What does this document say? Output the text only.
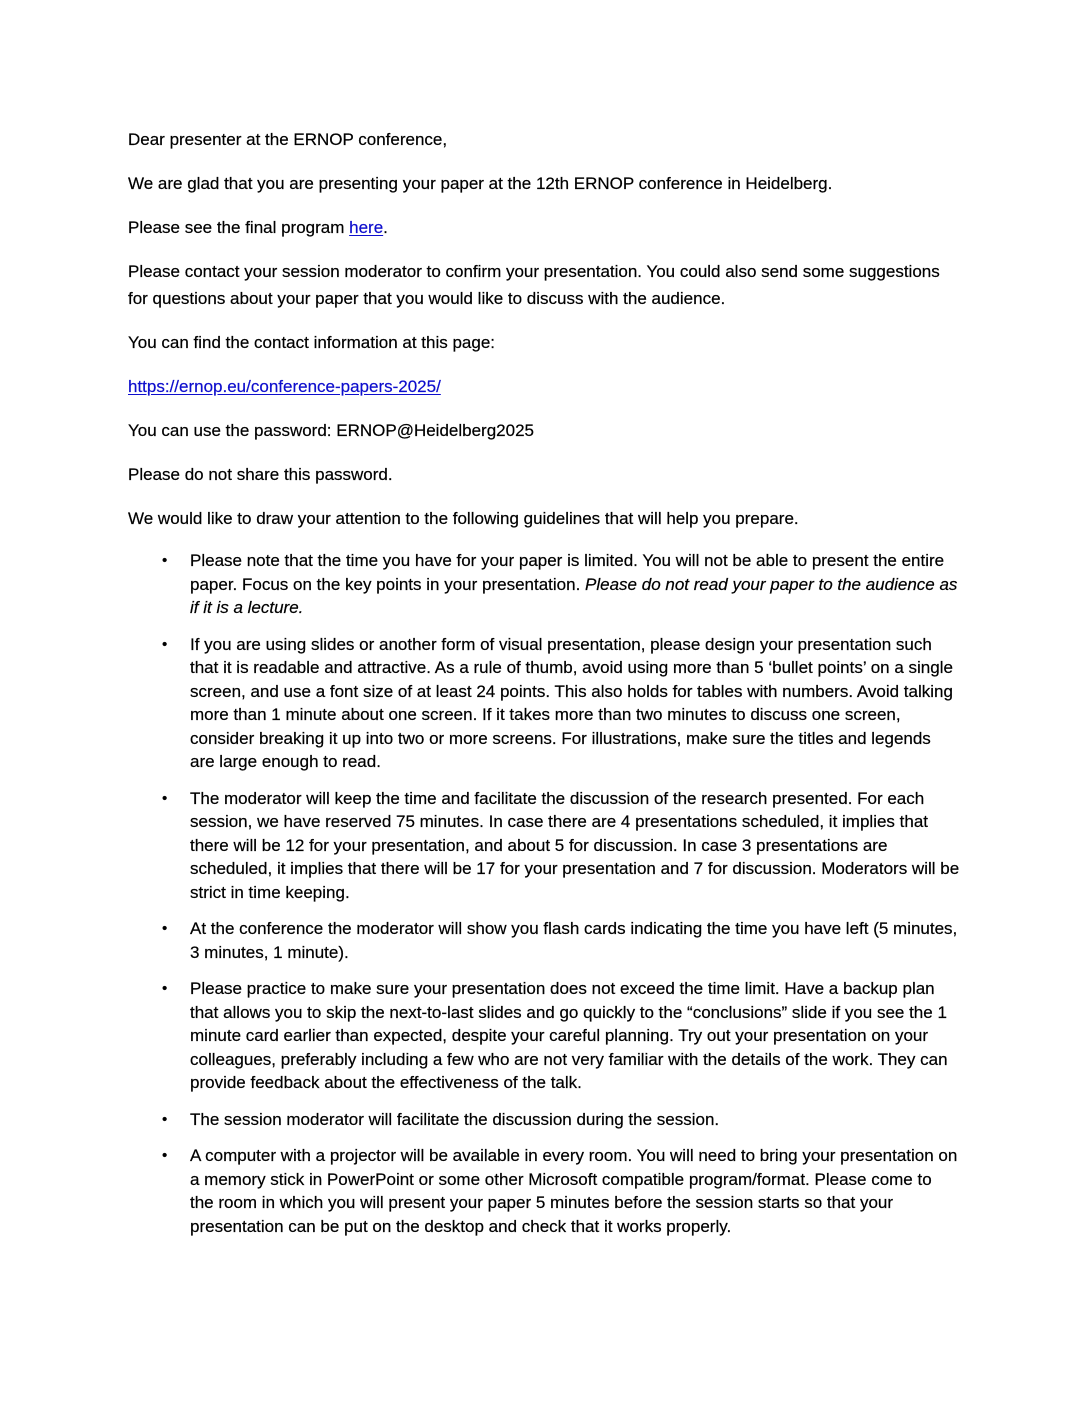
Dear presenter at the ERNOP conference,

We are glad that you are presenting your paper at the 12th ERNOP conference in Heidelberg.

Please see the final program here.

Please contact your session moderator to confirm your presentation. You could also send some suggestions for questions about your paper that you would like to discuss with the audience.

You can find the contact information at this page:

https://ernop.eu/conference-papers-2025/

You can use the password: ERNOP@Heidelberg2025

Please do not share this password.

We would like to draw your attention to the following guidelines that will help you prepare.

• Please note that the time you have for your paper is limited. You will not be able to present the entire paper. Focus on the key points in your presentation. Please do not read your paper to the audience as if it is a lecture.
• If you are using slides or another form of visual presentation, please design your presentation such that it is readable and attractive. As a rule of thumb, avoid using more than 5 ‘bullet points’ on a single screen, and use a font size of at least 24 points. This also holds for tables with numbers. Avoid talking more than 1 minute about one screen. If it takes more than two minutes to discuss one screen, consider breaking it up into two or more screens. For illustrations, make sure the titles and legends are large enough to read.
• The moderator will keep the time and facilitate the discussion of the research presented. For each session, we have reserved 75 minutes. In case there are 4 presentations scheduled, it implies that there will be 12 for your presentation, and about 5 for discussion. In case 3 presentations are scheduled, it implies that there will be 17 for your presentation and 7 for discussion. Moderators will be strict in time keeping.
• At the conference the moderator will show you flash cards indicating the time you have left (5 minutes, 3 minutes, 1 minute).
• Please practice to make sure your presentation does not exceed the time limit. Have a backup plan that allows you to skip the next-to-last slides and go quickly to the “conclusions” slide if you see the 1 minute card earlier than expected, despite your careful planning. Try out your presentation on your colleagues, preferably including a few who are not very familiar with the details of the work. They can provide feedback about the effectiveness of the talk.
• The session moderator will facilitate the discussion during the session.
• A computer with a projector will be available in every room. You will need to bring your presentation on a memory stick in PowerPoint or some other Microsoft compatible program/format. Please come to the room in which you will present your paper 5 minutes before the session starts so that your presentation can be put on the desktop and check that it works properly.
